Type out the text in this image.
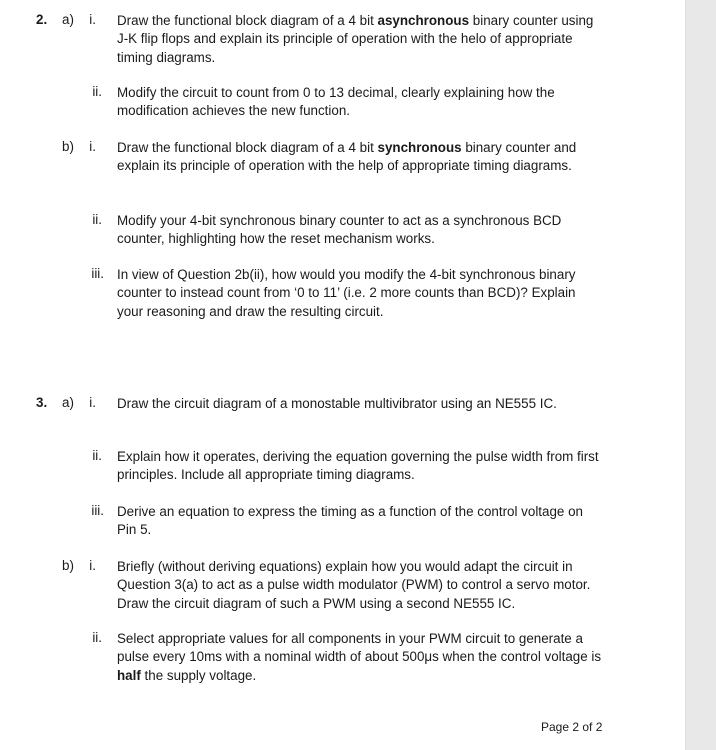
2. a)	i. Draw the functional block diagram of a 4 bit asynchronous binary counter using J-K flip flops and explain its principle of operation with the helo of appropriate timing diagrams.
ii. Modify the circuit to count from 0 to 13 decimal, clearly explaining how the modification achieves the new function.
b)	i. Draw the functional block diagram of a 4 bit synchronous binary counter and explain its principle of operation with the help of appropriate timing diagrams.
ii. Modify your 4-bit synchronous binary counter to act as a synchronous BCD counter, highlighting how the reset mechanism works.
iii. In view of Question 2b(ii), how would you modify the 4-bit synchronous binary counter to instead count from ‘0 to 11’ (i.e. 2 more counts than BCD)? Explain your reasoning and draw the resulting circuit.
3. a)	i. Draw the circuit diagram of a monostable multivibrator using an NE555 IC.
ii. Explain how it operates, deriving the equation governing the pulse width from first principles. Include all appropriate timing diagrams.
iii. Derive an equation to express the timing as a function of the control voltage on Pin 5.
b)	i. Briefly (without deriving equations) explain how you would adapt the circuit in Question 3(a) to act as a pulse width modulator (PWM) to control a servo motor. Draw the circuit diagram of such a PWM using a second NE555 IC.
ii. Select appropriate values for all components in your PWM circuit to generate a pulse every 10ms with a nominal width of about 500μs when the control voltage is half the supply voltage.
Page 2 of 2
